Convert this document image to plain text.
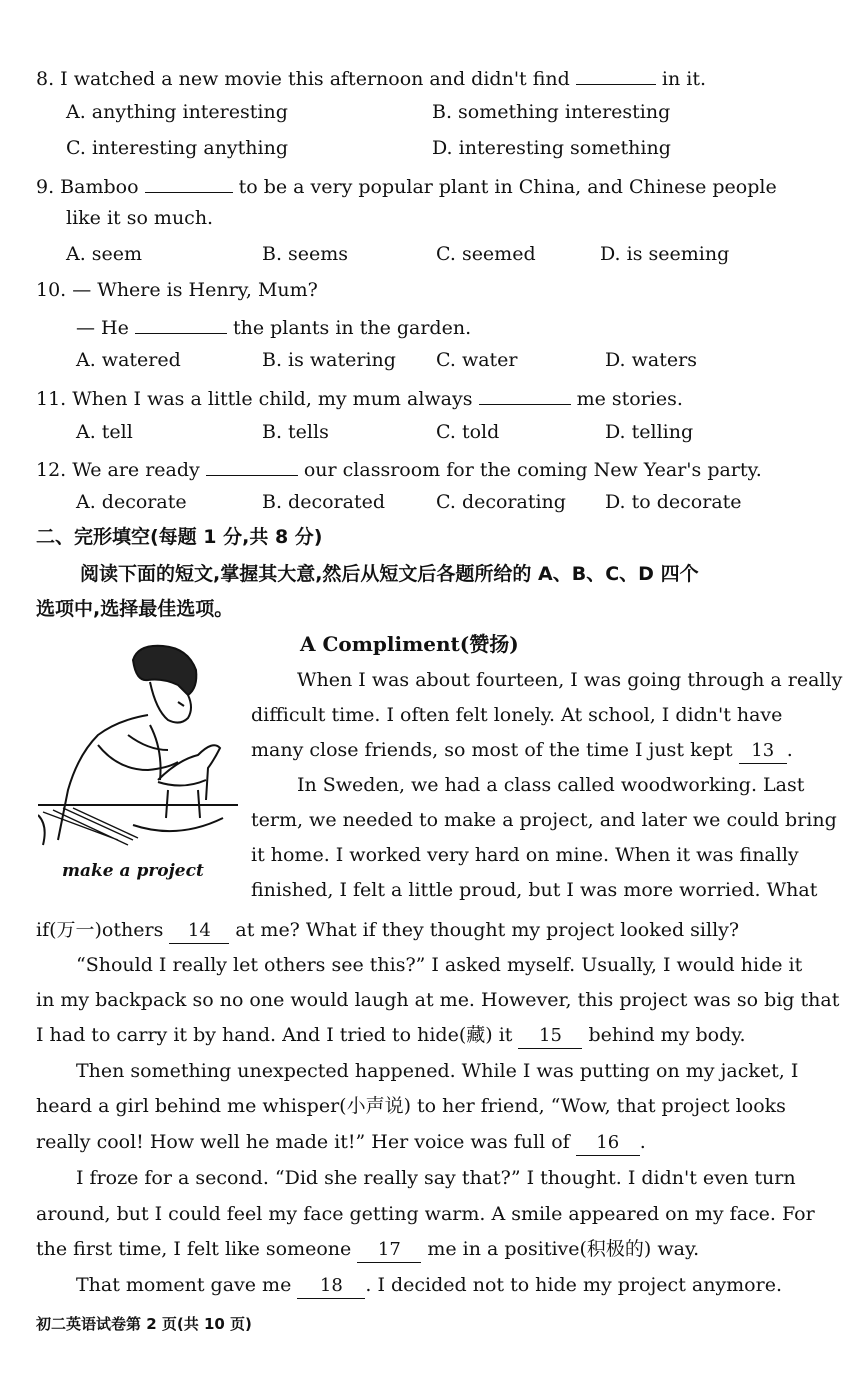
8. I watched a new movie this afternoon and didn't find	in it.
A. anything interesting	B. something interesting
C. interesting anything	D. interesting something
9. Bamboo	to be a very popular plant in China, and Chinese people
like it so much.
A. seem	B. seems	C. seemed	D. is seeming
10. — Where is Henry, Mum?
— He	the plants in the garden.
A. watered	B. is watering C. water	D. waters
11. When I was a little child, my mum always	me stories.
A. tell	B. tells	C. told	D. telling
12. We are ready	our classroom for the coming New Year's party.
A. decorate	B. decorated	C. decorating D. to decorate
二、完形填空(每题 1 分,共 8 分)
阅读下面的短文,掌握其大意,然后从短文后各题所给的 A、B、C、D 四个
选项中,选择最佳选项。
make a project
A Compliment(赞扬)
When I was about fourteen, I was going through a really
difficult time. I often felt lonely. At school, I didn't have
many close friends, so most of the time I just kept 13 .
In Sweden, we had a class called woodworking. Last
term, we needed to make a project, and later we could bring
it home. I worked very hard on mine. When it was finally
finished, I felt a little proud, but I was more worried. What
if(万一)others 14 at me? What if they thought my project looked silly?
“Should I really let others see this?” I asked myself. Usually, I would hide it
in my backpack so no one would laugh at me. However, this project was so big that
I had to carry it by hand. And I tried to hide(藏) it 15 behind my body.
Then something unexpected happened. While I was putting on my jacket, I
heard a girl behind me whisper(小声说) to her friend, “Wow, that project looks
really cool! How well he made it!” Her voice was full of 16 .
I froze for a second. “Did she really say that?” I thought. I didn't even turn
around, but I could feel my face getting warm. A smile appeared on my face. For
the first time, I felt like someone 17 me in a positive(积极的) way.
That moment gave me 18 . I decided not to hide my project anymore.
初二英语试卷第 2 页(共 10 页)
